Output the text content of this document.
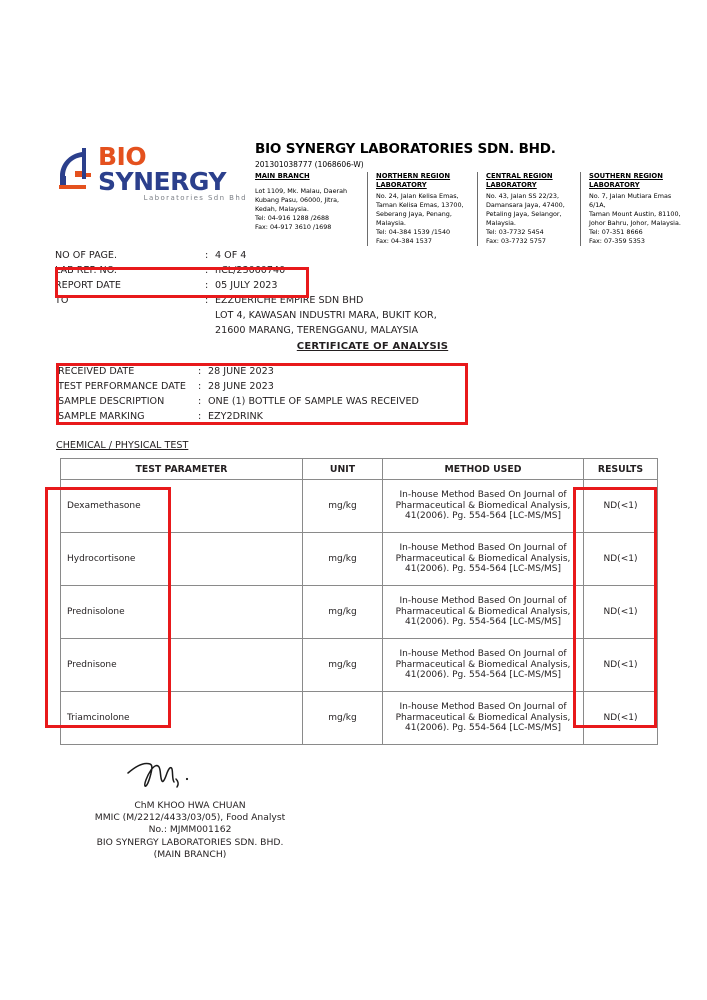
BIO SYNERGY
Laboratories Sdn Bhd
BIO SYNERGY LABORATORIES SDN. BHD.
201301038777 (1068606-W)
MAIN BRANCH
Lot 1109, Mk. Malau, Daerah
Kubang Pasu, 06000, Jitra,
Kedah, Malaysia.
Tel: 04-916 1288 /2688
Fax: 04-917 3610 /1698
NORTHERN REGION LABORATORY
No. 24, Jalan Kelisa Emas,
Taman Kelisa Emas, 13700,
Seberang Jaya, Penang,
Malaysia.
Tel: 04-384 1539 /1540
Fax: 04-384 1537
CENTRAL REGION LABORATORY
No. 43, Jalan SS 22/23,
Damansara Jaya, 47400,
Petaling Jaya, Selangor,
Malaysia.
Tel: 03-7732 5454
Fax: 03-7732 5757
SOUTHERN REGION LABORATORY
No. 7, Jalan Mutiara Emas 6/1A,
Taman Mount Austin, 81100,
Johor Bahru, Johor, Malaysia.
Tel: 07-351 8666
Fax: 07-359 5353
NO OF PAGE.	: 4 OF 4
LAB REF. NO.	: nCL/23060740
REPORT DATE	: 05 JULY 2023
TO	: EZZUERICHE EMPIRE SDN BHD
LOT 4, KAWASAN INDUSTRI MARA, BUKIT KOR,
21600 MARANG, TERENGGANU, MALAYSIA
CERTIFICATE OF ANALYSIS
RECEIVED DATE	: 28 JUNE 2023
TEST PERFORMANCE DATE	: 28 JUNE 2023
SAMPLE DESCRIPTION	: ONE (1) BOTTLE OF SAMPLE WAS RECEIVED
SAMPLE MARKING	: EZY2DRINK
CHEMICAL / PHYSICAL TEST
TEST PARAMETER	UNIT	METHOD USED	RESULTS
Dexamethasone	mg/kg	In-house Method Based On Journal of Pharmaceutical & Biomedical Analysis, 41(2006). Pg. 554-564 [LC-MS/MS]	ND(<1)
Hydrocortisone	mg/kg	In-house Method Based On Journal of Pharmaceutical & Biomedical Analysis, 41(2006). Pg. 554-564 [LC-MS/MS]	ND(<1)
Prednisolone	mg/kg	In-house Method Based On Journal of Pharmaceutical & Biomedical Analysis, 41(2006). Pg. 554-564 [LC-MS/MS]	ND(<1)
Prednisone	mg/kg	In-house Method Based On Journal of Pharmaceutical & Biomedical Analysis, 41(2006). Pg. 554-564 [LC-MS/MS]	ND(<1)
Triamcinolone	mg/kg	In-house Method Based On Journal of Pharmaceutical & Biomedical Analysis, 41(2006). Pg. 554-564 [LC-MS/MS]	ND(<1)
ChM KHOO HWA CHUAN
MMIC (M/2212/4433/03/05), Food Analyst
No.: MJMM001162
BIO SYNERGY LABORATORIES SDN. BHD.
(MAIN BRANCH)
